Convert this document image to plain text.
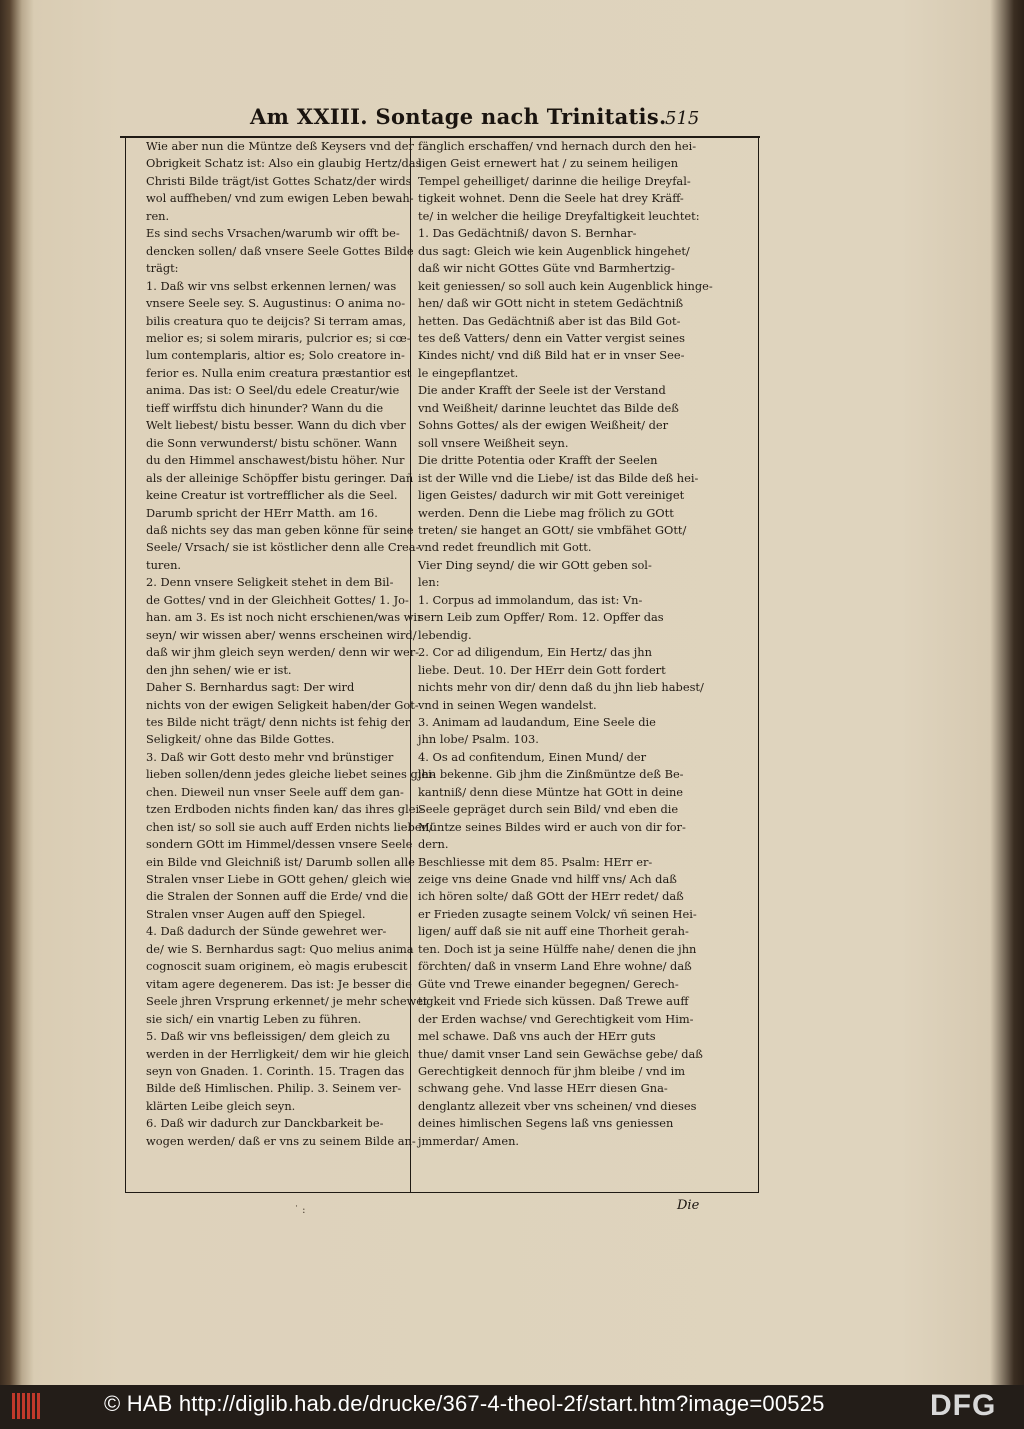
Am XXIII. Sontage nach Trinitatis.
515
Wie aber nun die Müntze deß Keysers vnd der
Obrigkeit Schatz ist: Also ein glaubig Hertz/das
Christi Bilde trägt/ist Gottes Schatz/der wirds
wol auffheben/ vnd zum ewigen Leben bewah-
ren.
Es sind sechs Vrsachen/warumb wir offt be-
dencken sollen/ daß vnsere Seele Gottes Bilde
trägt:
1. Daß wir vns selbst erkennen lernen/ was
vnsere Seele sey. S. Augustinus: O anima no-
bilis creatura quo te deijcis? Si terram amas,
melior es; si solem miraris, pulcrior es; si cœ-
lum contemplaris, altior es; Solo creatore in-
ferior es. Nulla enim creatura præstantior est
anima. Das ist: O Seel/du edele Creatur/wie
tieff wirffstu dich hinunder? Wann du die
Welt liebest/ bistu besser. Wann du dich vber
die Sonn verwunderst/ bistu schöner. Wann
du den Himmel anschawest/bistu höher. Nur
als der alleinige Schöpffer bistu geringer. Dañ
keine Creatur ist vortrefflicher als die Seel.
Darumb spricht der HErr Matth. am 16.
daß nichts sey das man geben könne für seine
Seele/ Vrsach/ sie ist köstlicher denn alle Crea-
turen.
2. Denn vnsere Seligkeit stehet in dem Bil-
de Gottes/ vnd in der Gleichheit Gottes/ 1. Jo-
han. am 3. Es ist noch nicht erschienen/was wir
seyn/ wir wissen aber/ wenns erscheinen wird/
daß wir jhm gleich seyn werden/ denn wir wer-
den jhn sehen/ wie er ist.
Daher S. Bernhardus sagt: Der wird
nichts von der ewigen Seligkeit haben/der Got-
tes Bilde nicht trägt/ denn nichts ist fehig der
Seligkeit/ ohne das Bilde Gottes.
3. Daß wir Gott desto mehr vnd brünstiger
lieben sollen/denn jedes gleiche liebet seines glei-
chen. Dieweil nun vnser Seele auff dem gan-
tzen Erdboden nichts finden kan/ das ihres glei-
chen ist/ so soll sie auch auff Erden nichts lieben/
sondern GOtt im Himmel/dessen vnsere Seele
ein Bilde vnd Gleichniß ist/ Darumb sollen alle
Stralen vnser Liebe in GOtt gehen/ gleich wie
die Stralen der Sonnen auff die Erde/ vnd die
Stralen vnser Augen auff den Spiegel.
4. Daß dadurch der Sünde gewehret wer-
de/ wie S. Bernhardus sagt: Quo melius anima
cognoscit suam originem, eò magis erubescit
vitam agere degenerem. Das ist: Je besser die
Seele jhren Vrsprung erkennet/ je mehr schewet
sie sich/ ein vnartig Leben zu führen.
5. Daß wir vns befleissigen/ dem gleich zu
werden in der Herrligkeit/ dem wir hie gleich
seyn von Gnaden. 1. Corinth. 15. Tragen das
Bilde deß Himlischen. Philip. 3. Seinem ver-
klärten Leibe gleich seyn.
6. Daß wir dadurch zur Danckbarkeit be-
wogen werden/ daß er vns zu seinem Bilde an-
fänglich erschaffen/ vnd hernach durch den hei-
ligen Geist ernewert hat / zu seinem heiligen
Tempel geheilliget/ darinne die heilige Dreyfal-
tigkeit wohnet. Denn die Seele hat drey Kräff-
te/ in welcher die heilige Dreyfaltigkeit leuchtet:
1. Das Gedächtniß/ davon S. Bernhar-
dus sagt: Gleich wie kein Augenblick hingehet/
daß wir nicht GOttes Güte vnd Barmhertzig-
keit geniessen/ so soll auch kein Augenblick hinge-
hen/ daß wir GOtt nicht in stetem Gedächtniß
hetten. Das Gedächtniß aber ist das Bild Got-
tes deß Vatters/ denn ein Vatter vergist seines
Kindes nicht/ vnd diß Bild hat er in vnser See-
le eingepflantzet.
Die ander Krafft der Seele ist der Verstand
vnd Weißheit/ darinne leuchtet das Bilde deß
Sohns Gottes/ als der ewigen Weißheit/ der
soll vnsere Weißheit seyn.
Die dritte Potentia oder Krafft der Seelen
ist der Wille vnd die Liebe/ ist das Bilde deß hei-
ligen Geistes/ dadurch wir mit Gott vereiniget
werden. Denn die Liebe mag frölich zu GOtt
treten/ sie hanget an GOtt/ sie vmbfähet GOtt/
vnd redet freundlich mit Gott.
Vier Ding seynd/ die wir GOtt geben sol-
len:
1. Corpus ad immolandum, das ist: Vn-
sern Leib zum Opffer/ Rom. 12. Opffer das
lebendig.
2. Cor ad diligendum, Ein Hertz/ das jhn
liebe. Deut. 10. Der HErr dein Gott fordert
nichts mehr von dir/ denn daß du jhn lieb habest/
vnd in seinen Wegen wandelst.
3. Animam ad laudandum, Eine Seele die
jhn lobe/ Psalm. 103.
4. Os ad confitendum, Einen Mund/ der
jhn bekenne. Gib jhm die Zinßmüntze deß Be-
kantniß/ denn diese Müntze hat GOtt in deine
Seele gepräget durch sein Bild/ vnd eben die
Müntze seines Bildes wird er auch von dir for-
dern.
Beschliesse mit dem 85. Psalm: HErr er-
zeige vns deine Gnade vnd hilff vns/ Ach daß
ich hören solte/ daß GOtt der HErr redet/ daß
er Frieden zusagte seinem Volck/ vñ seinen Hei-
ligen/ auff daß sie nit auff eine Thorheit gerah-
ten. Doch ist ja seine Hülffe nahe/ denen die jhn
förchten/ daß in vnserm Land Ehre wohne/ daß
Güte vnd Trewe einander begegnen/ Gerech-
tigkeit vnd Friede sich küssen. Daß Trewe auff
der Erden wachse/ vnd Gerechtigkeit vom Him-
mel schawe. Daß vns auch der HErr guts
thue/ damit vnser Land sein Gewächse gebe/ daß
Gerechtigkeit dennoch für jhm bleibe / vnd im
schwang gehe. Vnd lasse HErr diesen Gna-
denglantz allezeit vber vns scheinen/ vnd dieses
deines himlischen Segens laß vns geniessen
jmmerdar/ Amen.
˙ :	Die
© HAB http://diglib.hab.de/drucke/367-4-theol-2f/start.htm?image=00525	DFG
